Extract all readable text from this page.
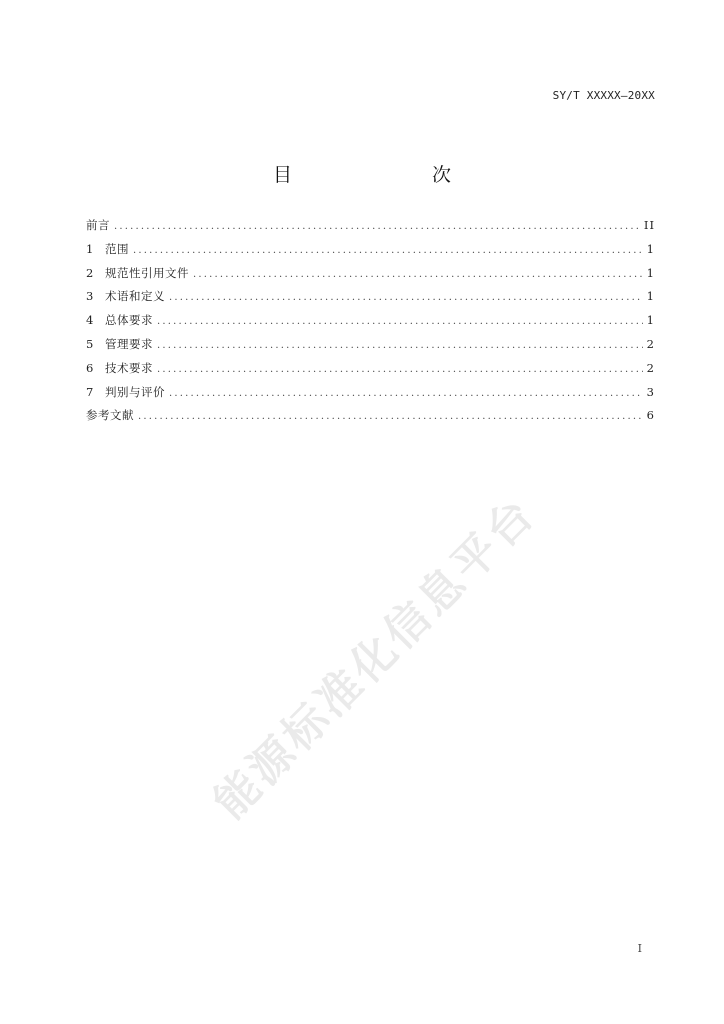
SY/T XXXXX—20XX
目　　次
前言 .....	II
1	范围 .....	1
2	规范性引用文件 .....	1
3	术语和定义 .....	1
4	总体要求 .....	1
5	管理要求 .....	2
6	技术要求 .....	2
7	判别与评价 .....	3
参考文献 .....	6
能源标准化信息平台
I
